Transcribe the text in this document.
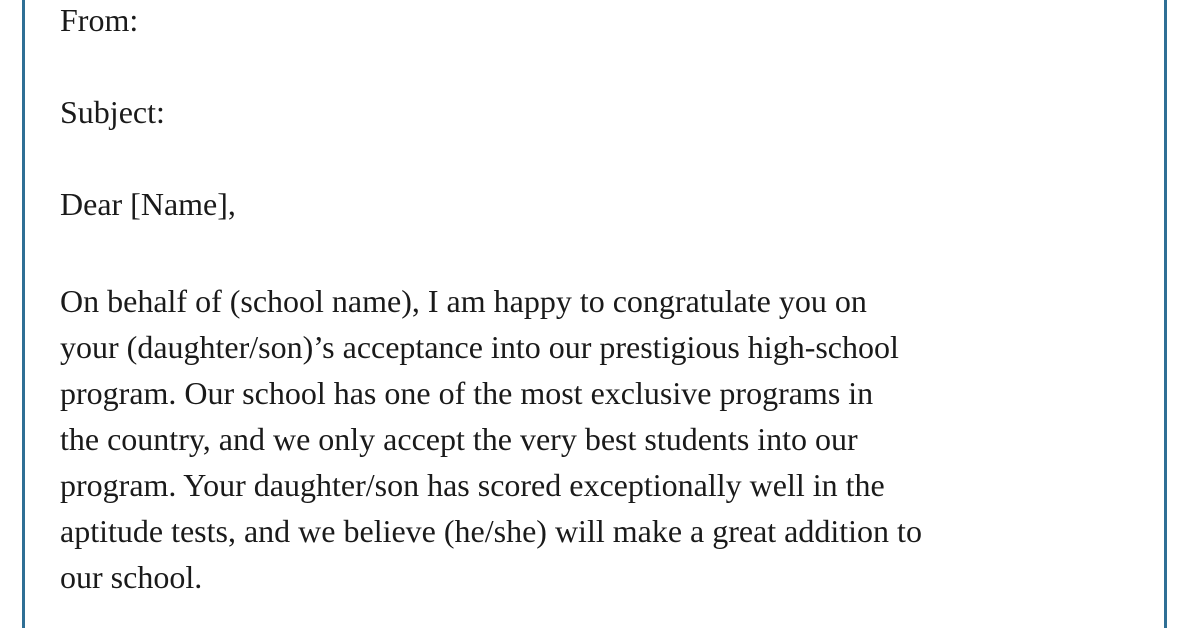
From:
Subject:
Dear [Name],
On behalf of (school name), I am happy to congratulate you on
your (daughter/son)’s acceptance into our prestigious high-school
program. Our school has one of the most exclusive programs in
the country, and we only accept the very best students into our
program. Your daughter/son has scored exceptionally well in the
aptitude tests, and we believe (he/she) will make a great addition to
our school.
